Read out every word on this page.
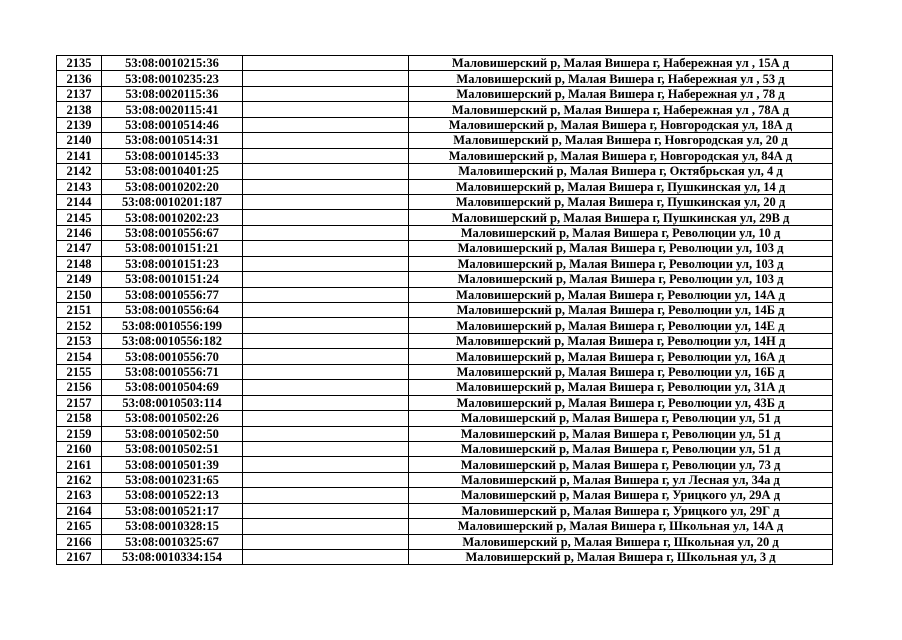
2135	53:08:0010215:36		Маловишерский р, Малая Вишера г, Набережная ул , 15А д
2136	53:08:0010235:23		Маловишерский р, Малая Вишера г, Набережная ул , 53 д
2137	53:08:0020115:36		Маловишерский р, Малая Вишера г, Набережная ул , 78 д
2138	53:08:0020115:41		Маловишерский р, Малая Вишера г, Набережная ул , 78А д
2139	53:08:0010514:46		Маловишерский р, Малая Вишера г, Новгородская ул, 18А д
2140	53:08:0010514:31		Маловишерский р, Малая Вишера г, Новгородская ул, 20 д
2141	53:08:0010145:33		Маловишерский р, Малая Вишера г, Новгородская ул, 84А д
2142	53:08:0010401:25		Маловишерский р, Малая Вишера г, Октябрьская ул, 4 д
2143	53:08:0010202:20		Маловишерский р, Малая Вишера г, Пушкинская ул, 14 д
2144	53:08:0010201:187		Маловишерский р, Малая Вишера г, Пушкинская ул, 20 д
2145	53:08:0010202:23		Маловишерский р, Малая Вишера г, Пушкинская ул, 29В д
2146	53:08:0010556:67		Маловишерский р, Малая Вишера г, Революции ул, 10 д
2147	53:08:0010151:21		Маловишерский р, Малая Вишера г, Революции ул, 103 д
2148	53:08:0010151:23		Маловишерский р, Малая Вишера г, Революции ул, 103 д
2149	53:08:0010151:24		Маловишерский р, Малая Вишера г, Революции ул, 103 д
2150	53:08:0010556:77		Маловишерский р, Малая Вишера г, Революции ул, 14А д
2151	53:08:0010556:64		Маловишерский р, Малая Вишера г, Революции ул, 14Б д
2152	53:08:0010556:199		Маловишерский р, Малая Вишера г, Революции ул, 14Е д
2153	53:08:0010556:182		Маловишерский р, Малая Вишера г, Революции ул, 14Н д
2154	53:08:0010556:70		Маловишерский р, Малая Вишера г, Революции ул, 16А д
2155	53:08:0010556:71		Маловишерский р, Малая Вишера г, Революции ул, 16Б д
2156	53:08:0010504:69		Маловишерский р, Малая Вишера г, Революции ул, 31А д
2157	53:08:0010503:114		Маловишерский р, Малая Вишера г, Революции ул, 43Б д
2158	53:08:0010502:26		Маловишерский р, Малая Вишера г, Революции ул, 51 д
2159	53:08:0010502:50		Маловишерский р, Малая Вишера г, Революции ул, 51 д
2160	53:08:0010502:51		Маловишерский р, Малая Вишера г, Революции ул, 51 д
2161	53:08:0010501:39		Маловишерский р, Малая Вишера г, Революции ул, 73 д
2162	53:08:0010231:65		Маловишерский р, Малая Вишера г, ул Лесная ул, 34а д
2163	53:08:0010522:13		Маловишерский р, Малая Вишера г, Урицкого ул, 29А д
2164	53:08:0010521:17		Маловишерский р, Малая Вишера г, Урицкого ул, 29Г д
2165	53:08:0010328:15		Маловишерский р, Малая Вишера г, Школьная ул, 14А д
2166	53:08:0010325:67		Маловишерский р, Малая Вишера г, Школьная ул, 20 д
2167	53:08:0010334:154		Маловишерский р, Малая Вишера г, Школьная ул, 3 д
